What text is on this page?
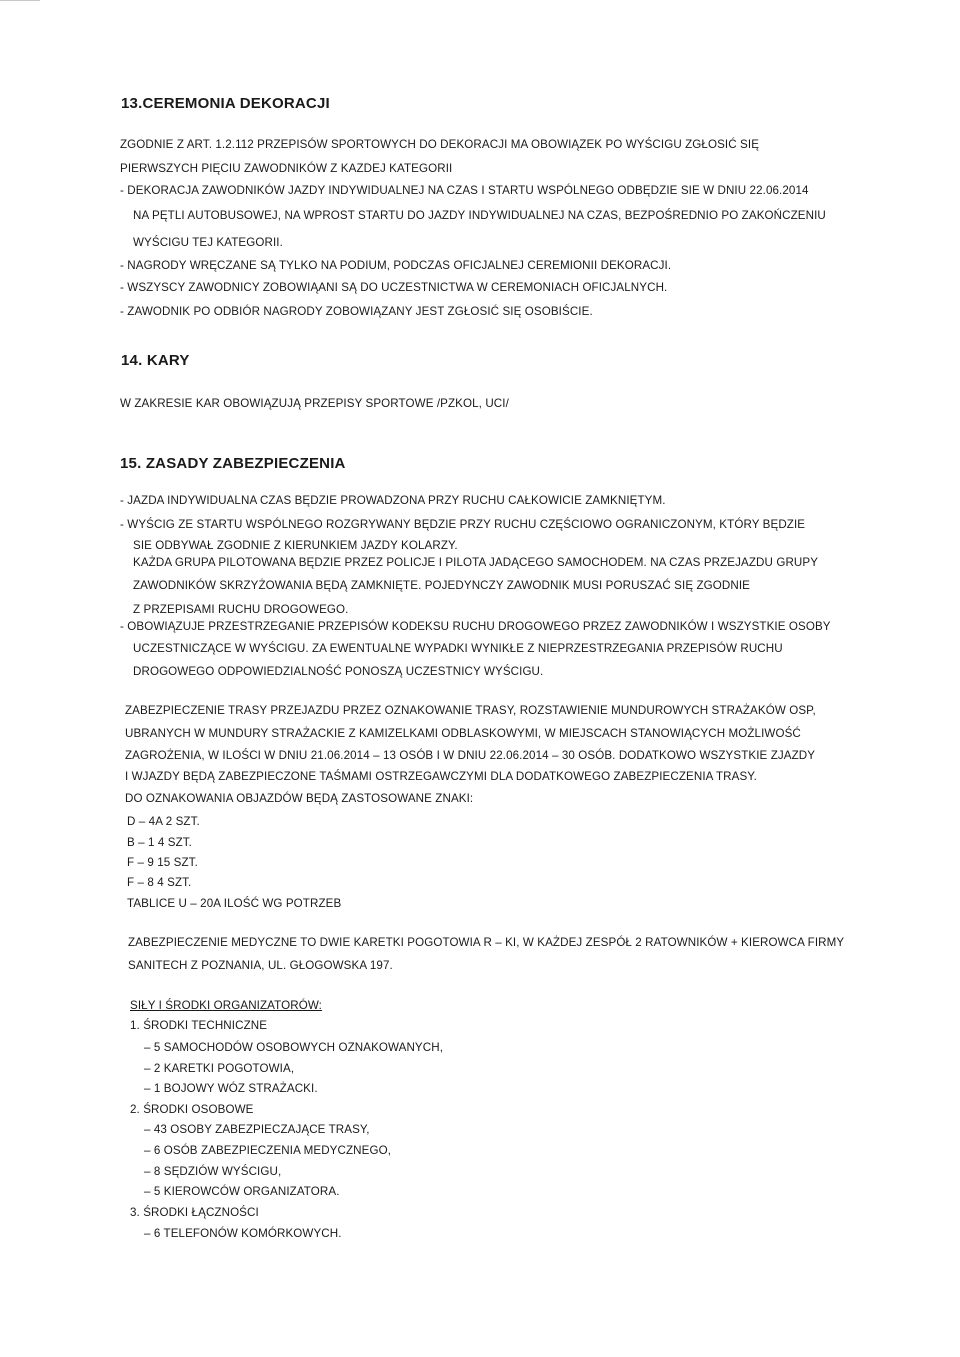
13.CEREMONIA DEKORACJI
ZGODNIE Z ART. 1.2.112 PRZEPISÓW SPORTOWYCH DO DEKORACJI MA OBOWIĄZEK PO WYŚCIGU ZGŁOSIĆ SIĘ
PIERWSZYCH PIĘCIU ZAWODNIKÓW Z KAZDEJ KATEGORII
- DEKORACJA ZAWODNIKÓW JAZDY INDYWIDUALNEJ NA CZAS I STARTU WSPÓLNEGO ODBĘDZIE SIE W DNIU 22.06.2014
NA PĘTLI AUTOBUSOWEJ, NA WPROST STARTU DO JAZDY INDYWIDUALNEJ NA CZAS, BEZPOŚREDNIO PO ZAKOŃCZENIU
WYŚCIGU TEJ KATEGORII.
- NAGRODY WRĘCZANE SĄ TYLKO NA PODIUM, PODCZAS OFICJALNEJ CEREMIONII DEKORACJI.
- WSZYSCY ZAWODNICY ZOBOWIĄANI SĄ DO UCZESTNICTWA W CEREMONIACH OFICJALNYCH.
- ZAWODNIK PO ODBIÓR NAGRODY ZOBOWIĄZANY JEST ZGŁOSIĆ SIĘ OSOBIŚCIE.
14. KARY
W ZAKRESIE KAR OBOWIĄZUJĄ PRZEPISY SPORTOWE /PZKOL, UCI/
15. ZASADY ZABEZPIECZENIA
- JAZDA INDYWIDUALNA CZAS BĘDZIE PROWADZONA PRZY RUCHU CAŁKOWICIE ZAMKNIĘTYM.
- WYŚCIG ZE STARTU WSPÓLNEGO ROZGRYWANY BĘDZIE PRZY RUCHU CZĘŚCIOWO OGRANICZONYM, KTÓRY BĘDZIE
SIE ODBYWAŁ ZGODNIE Z KIERUNKIEM JAZDY KOLARZY.
KAŻDA GRUPA PILOTOWANA BĘDZIE PRZEZ POLICJE I PILOTA JADĄCEGO SAMOCHODEM. NA CZAS PRZEJAZDU GRUPY
ZAWODNIKÓW SKRZYŻOWANIA BĘDĄ ZAMKNIĘTE. POJEDYNCZY ZAWODNIK MUSI PORUSZAĆ SIĘ ZGODNIE
Z PRZEPISAMI RUCHU DROGOWEGO.
- OBOWIĄZUJE PRZESTRZEGANIE PRZEPISÓW KODEKSU RUCHU DROGOWEGO PRZEZ ZAWODNIKÓW I WSZYSTKIE OSOBY
UCZESTNICZĄCE W WYŚCIGU. ZA EWENTUALNE WYPADKI WYNIKŁE Z NIEPRZESTRZEGANIA PRZEPISÓW RUCHU
DROGOWEGO ODPOWIEDZIALNOŚĆ PONOSZĄ UCZESTNICY WYŚCIGU.
ZABEZPIECZENIE TRASY PRZEJAZDU PRZEZ OZNAKOWANIE TRASY, ROZSTAWIENIE MUNDUROWYCH STRAŻAKÓW OSP,
UBRANYCH W MUNDURY STRAŻACKIE Z KAMIZELKAMI ODBLASKOWYMI, W MIEJSCACH STANOWIĄCYCH MOŻLIWOŚĆ
ZAGROŻENIA, W ILOŚCI W DNIU 21.06.2014 – 13 OSÓB I W DNIU 22.06.2014 – 30 OSÓB. DODATKOWO WSZYSTKIE ZJAZDY
I WJAZDY BĘDĄ ZABEZPIECZONE TAŚMAMI OSTRZEGAWCZYMI DLA DODATKOWEGO ZABEZPIECZENIA TRASY.
DO OZNAKOWANIA OBJAZDÓW BĘDĄ ZASTOSOWANE ZNAKI:
D – 4A 2 SZT.
B – 1 4 SZT.
F – 9 15 SZT.
F – 8 4 SZT.
TABLICE U – 20A ILOŚĆ WG POTRZEB
ZABEZPIECZENIE MEDYCZNE TO DWIE KARETKI POGOTOWIA R – KI, W KAŻDEJ ZESPÓŁ 2 RATOWNIKÓW + KIEROWCA FIRMY
SANITECH Z POZNANIA, UL. GŁOGOWSKA 197.
SIŁY I ŚRODKI ORGANIZATORÓW:
1. ŚRODKI TECHNICZNE
– 5 SAMOCHODÓW OSOBOWYCH OZNAKOWANYCH,
– 2 KARETKI POGOTOWIA,
– 1 BOJOWY WÓZ STRAŻACKI.
2. ŚRODKI OSOBOWE
– 43 OSOBY ZABEZPIECZAJĄCE TRASY,
– 6 OSÓB ZABEZPIECZENIA MEDYCZNEGO,
– 8 SĘDZIÓW WYŚCIGU,
– 5 KIEROWCÓW ORGANIZATORA.
3. ŚRODKI ŁĄCZNOŚCI
– 6 TELEFONÓW KOMÓRKOWYCH.
